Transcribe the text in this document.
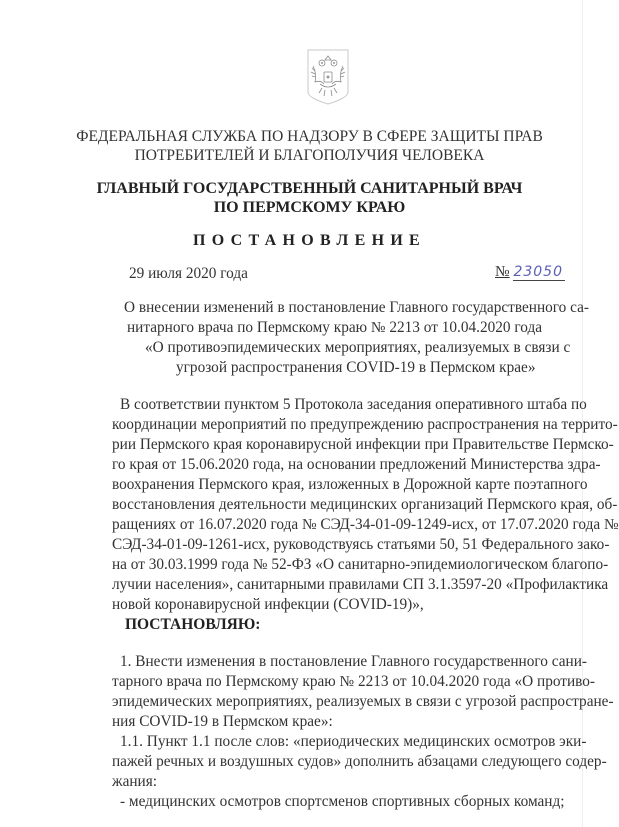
ФЕДЕРАЛЬНАЯ СЛУЖБА ПО НАДЗОРУ В СФЕРЕ ЗАЩИТЫ ПРАВ
ПОТРЕБИТЕЛЕЙ И БЛАГОПОЛУЧИЯ ЧЕЛОВЕКА
ГЛАВНЫЙ ГОСУДАРСТВЕННЫЙ САНИТАРНЫЙ ВРАЧ
ПО ПЕРМСКОМУ КРАЮ
ПОСТАНОВЛЕНИЕ
29 июля 2020 года	№ 23050
О внесении изменений в постановление Главного государственного са-
нитарного врача по Пермскому краю № 2213 от 10.04.2020 года
«О противоэпидемических мероприятиях, реализуемых в связи с
угрозой распространения COVID-19 в Пермском крае»
В соответствии пунктом 5 Протокола заседания оперативного штаба по
координации мероприятий по предупреждению распространения на террито-
рии Пермского края коронавирусной инфекции при Правительстве Пермско-
го края от 15.06.2020 года, на основании предложений Министерства здра-
воохранения Пермского края, изложенных в Дорожной карте поэтапного
восстановления деятельности медицинских организаций Пермского края, об-
ращениях от 16.07.2020 года № СЭД-34-01-09-1249-исх, от 17.07.2020 года №
СЭД-34-01-09-1261-исх, руководствуясь статьями 50, 51 Федерального зако-
на от 30.03.1999 года № 52-ФЗ «О санитарно-эпидемиологическом благопо-
лучии населения», санитарными правилами СП 3.1.3597-20 «Профилактика
новой коронавирусной инфекции (COVID-19)»,
ПОСТАНОВЛЯЮ:
1. Внести изменения в постановление Главного государственного сани-
тарного врача по Пермскому краю № 2213 от 10.04.2020 года «О противо-
эпидемических мероприятиях, реализуемых в связи с угрозой распростране-
ния COVID-19 в Пермском крае»:
1.1. Пункт 1.1 после слов: «периодических медицинских осмотров эки-
пажей речных и воздушных судов» дополнить абзацами следующего содер-
жания:
- медицинских осмотров спортсменов спортивных сборных команд;
